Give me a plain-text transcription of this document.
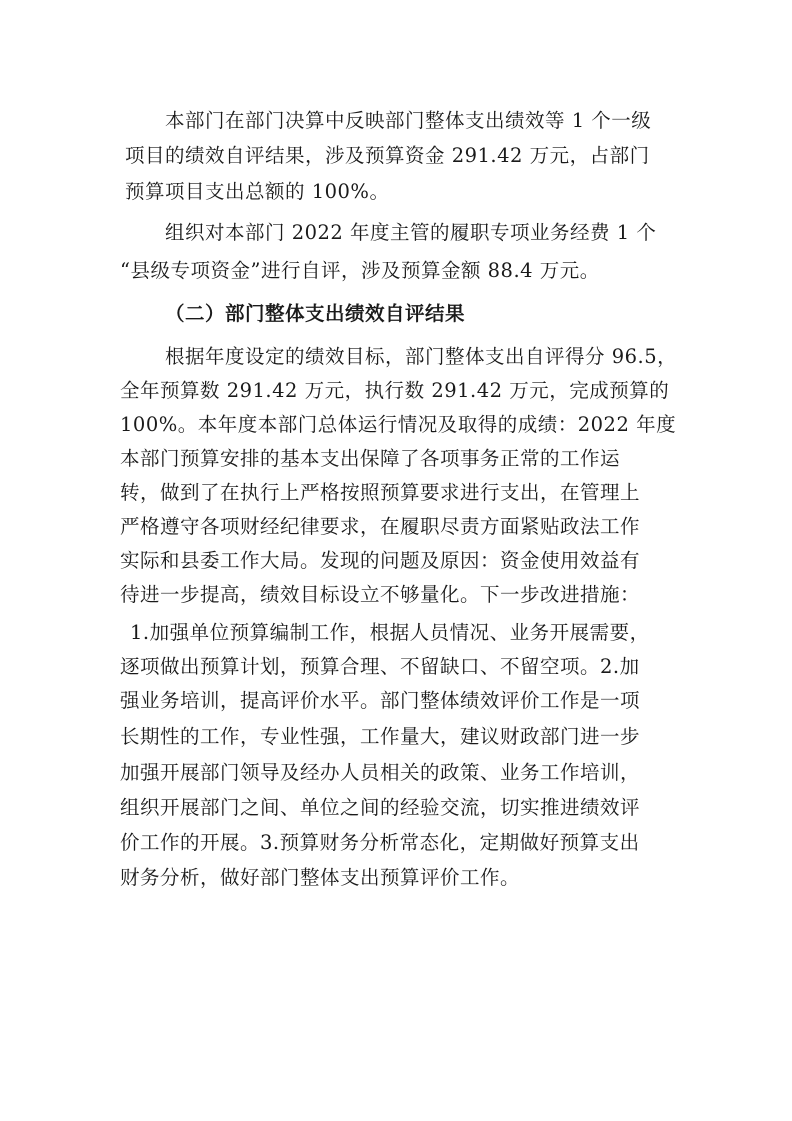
本部门在部门决算中反映部门整体支出绩效等 1 个一级
项目的绩效自评结果，涉及预算资金 291.42 万元，占部门
预算项目支出总额的 100%。
组织对本部门 2022 年度主管的履职专项业务经费 1 个
“县级专项资金”进行自评，涉及预算金额 88.4 万元。
（二）部门整体支出绩效自评结果
根据年度设定的绩效目标，部门整体支出自评得分 96.5，
全年预算数 291.42 万元，执行数 291.42 万元，完成预算的
100%。本年度本部门总体运行情况及取得的成绩：2022 年度
本部门预算安排的基本支出保障了各项事务正常的工作运
转，做到了在执行上严格按照预算要求进行支出，在管理上
严格遵守各项财经纪律要求，在履职尽责方面紧贴政法工作
实际和县委工作大局。发现的问题及原因：资金使用效益有
待进一步提高，绩效目标设立不够量化。下一步改进措施：
1.加强单位预算编制工作，根据人员情况、业务开展需要，
逐项做出预算计划，预算合理、不留缺口、不留空项。2.加
强业务培训，提高评价水平。部门整体绩效评价工作是一项
长期性的工作，专业性强，工作量大，建议财政部门进一步
加强开展部门领导及经办人员相关的政策、业务工作培训，
组织开展部门之间、单位之间的经验交流，切实推进绩效评
价工作的开展。3.预算财务分析常态化，定期做好预算支出
财务分析，做好部门整体支出预算评价工作。
